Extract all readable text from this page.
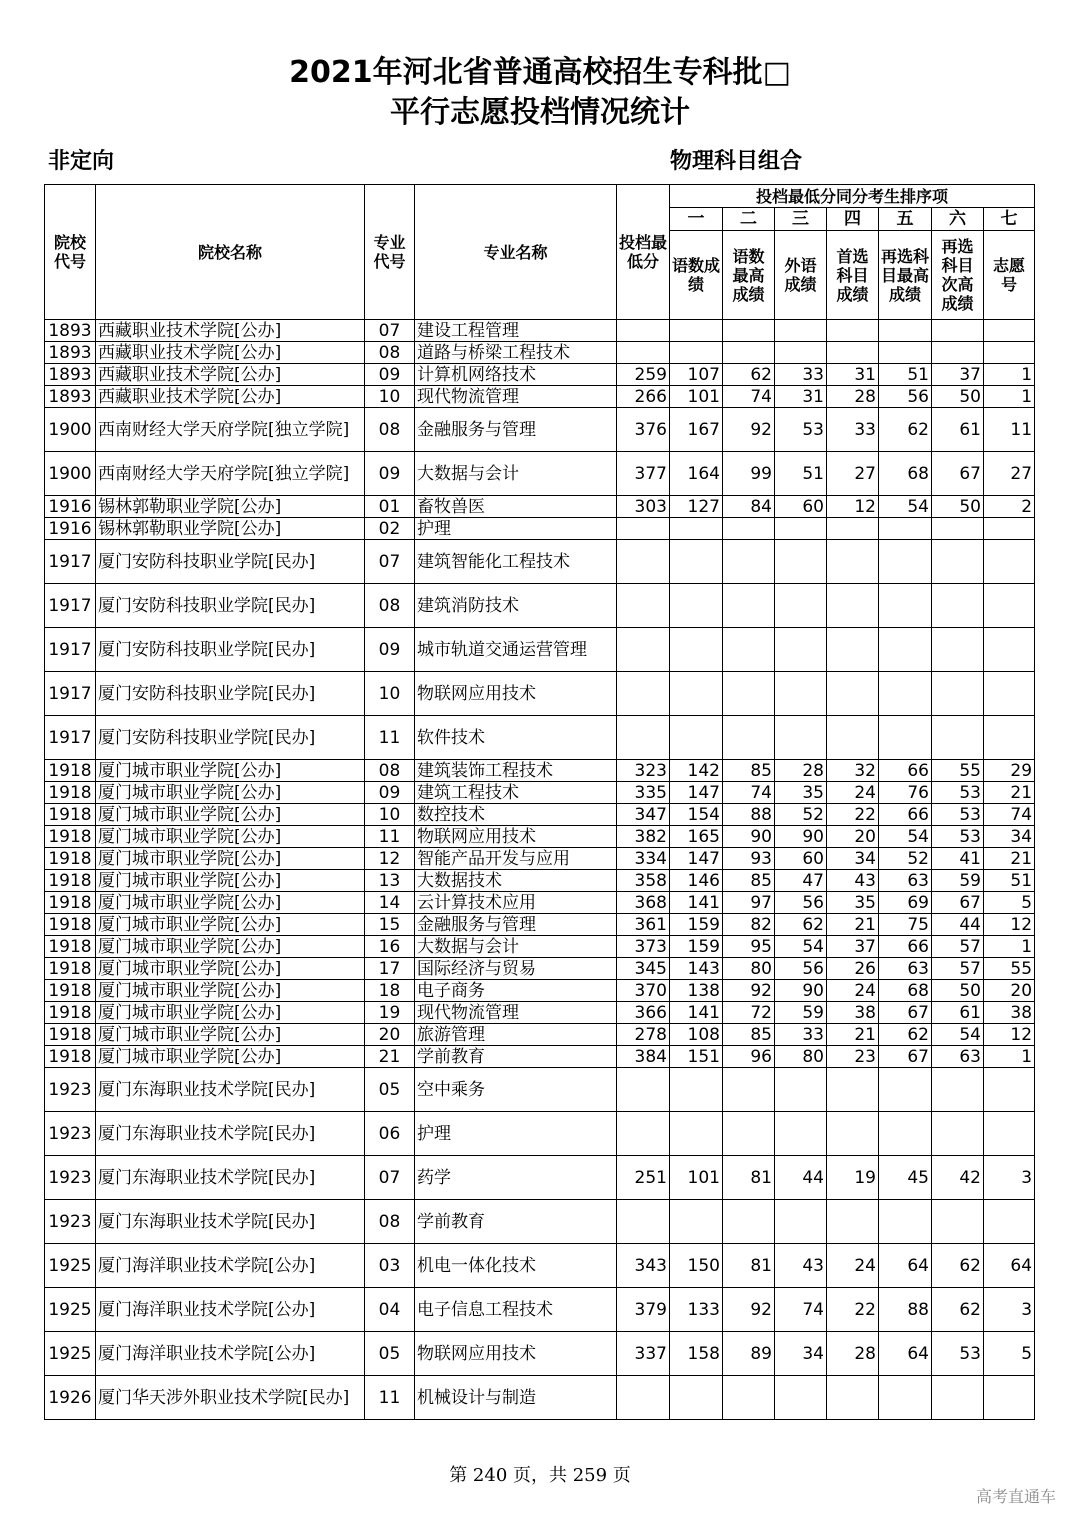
2021年河北省普通高校招生专科批□
平行志愿投档情况统计
非定向	物理科目组合
院校代号	院校名称	专业代号	专业名称	投档最低分	投档最低分同分考生排序项						
					一	二	三	四	五	六	七
					语数成绩	语数最高成绩	外语成绩	首选科目成绩	再选科目最高成绩	再选科目次高成绩	志愿号
1893	西藏职业技术学院[公办]	07	建设工程管理								
1893	西藏职业技术学院[公办]	08	道路与桥梁工程技术								
1893	西藏职业技术学院[公办]	09	计算机网络技术	259	107	62	33	31	51	37	1
1893	西藏职业技术学院[公办]	10	现代物流管理	266	101	74	31	28	56	50	1
1900	西南财经大学天府学院[独立学院]	08	金融服务与管理	376	167	92	53	33	62	61	11
1900	西南财经大学天府学院[独立学院]	09	大数据与会计	377	164	99	51	27	68	67	27
1916	锡林郭勒职业学院[公办]	01	畜牧兽医	303	127	84	60	12	54	50	2
1916	锡林郭勒职业学院[公办]	02	护理								
1917	厦门安防科技职业学院[民办]	07	建筑智能化工程技术								
1917	厦门安防科技职业学院[民办]	08	建筑消防技术								
1917	厦门安防科技职业学院[民办]	09	城市轨道交通运营管理								
1917	厦门安防科技职业学院[民办]	10	物联网应用技术								
1917	厦门安防科技职业学院[民办]	11	软件技术								
1918	厦门城市职业学院[公办]	08	建筑装饰工程技术	323	142	85	28	32	66	55	29
1918	厦门城市职业学院[公办]	09	建筑工程技术	335	147	74	35	24	76	53	21
1918	厦门城市职业学院[公办]	10	数控技术	347	154	88	52	22	66	53	74
1918	厦门城市职业学院[公办]	11	物联网应用技术	382	165	90	90	20	54	53	34
1918	厦门城市职业学院[公办]	12	智能产品开发与应用	334	147	93	60	34	52	41	21
1918	厦门城市职业学院[公办]	13	大数据技术	358	146	85	47	43	63	59	51
1918	厦门城市职业学院[公办]	14	云计算技术应用	368	141	97	56	35	69	67	5
1918	厦门城市职业学院[公办]	15	金融服务与管理	361	159	82	62	21	75	44	12
1918	厦门城市职业学院[公办]	16	大数据与会计	373	159	95	54	37	66	57	1
1918	厦门城市职业学院[公办]	17	国际经济与贸易	345	143	80	56	26	63	57	55
1918	厦门城市职业学院[公办]	18	电子商务	370	138	92	90	24	68	50	20
1918	厦门城市职业学院[公办]	19	现代物流管理	366	141	72	59	38	67	61	38
1918	厦门城市职业学院[公办]	20	旅游管理	278	108	85	33	21	62	54	12
1918	厦门城市职业学院[公办]	21	学前教育	384	151	96	80	23	67	63	1
1923	厦门东海职业技术学院[民办]	05	空中乘务								
1923	厦门东海职业技术学院[民办]	06	护理								
1923	厦门东海职业技术学院[民办]	07	药学	251	101	81	44	19	45	42	3
1923	厦门东海职业技术学院[民办]	08	学前教育								
1925	厦门海洋职业技术学院[公办]	03	机电一体化技术	343	150	81	43	24	64	62	64
1925	厦门海洋职业技术学院[公办]	04	电子信息工程技术	379	133	92	74	22	88	62	3
1925	厦门海洋职业技术学院[公办]	05	物联网应用技术	337	158	89	34	28	64	53	5
1926	厦门华天涉外职业技术学院[民办]	11	机械设计与制造								
第 240 页，共 259 页
高考直通车
